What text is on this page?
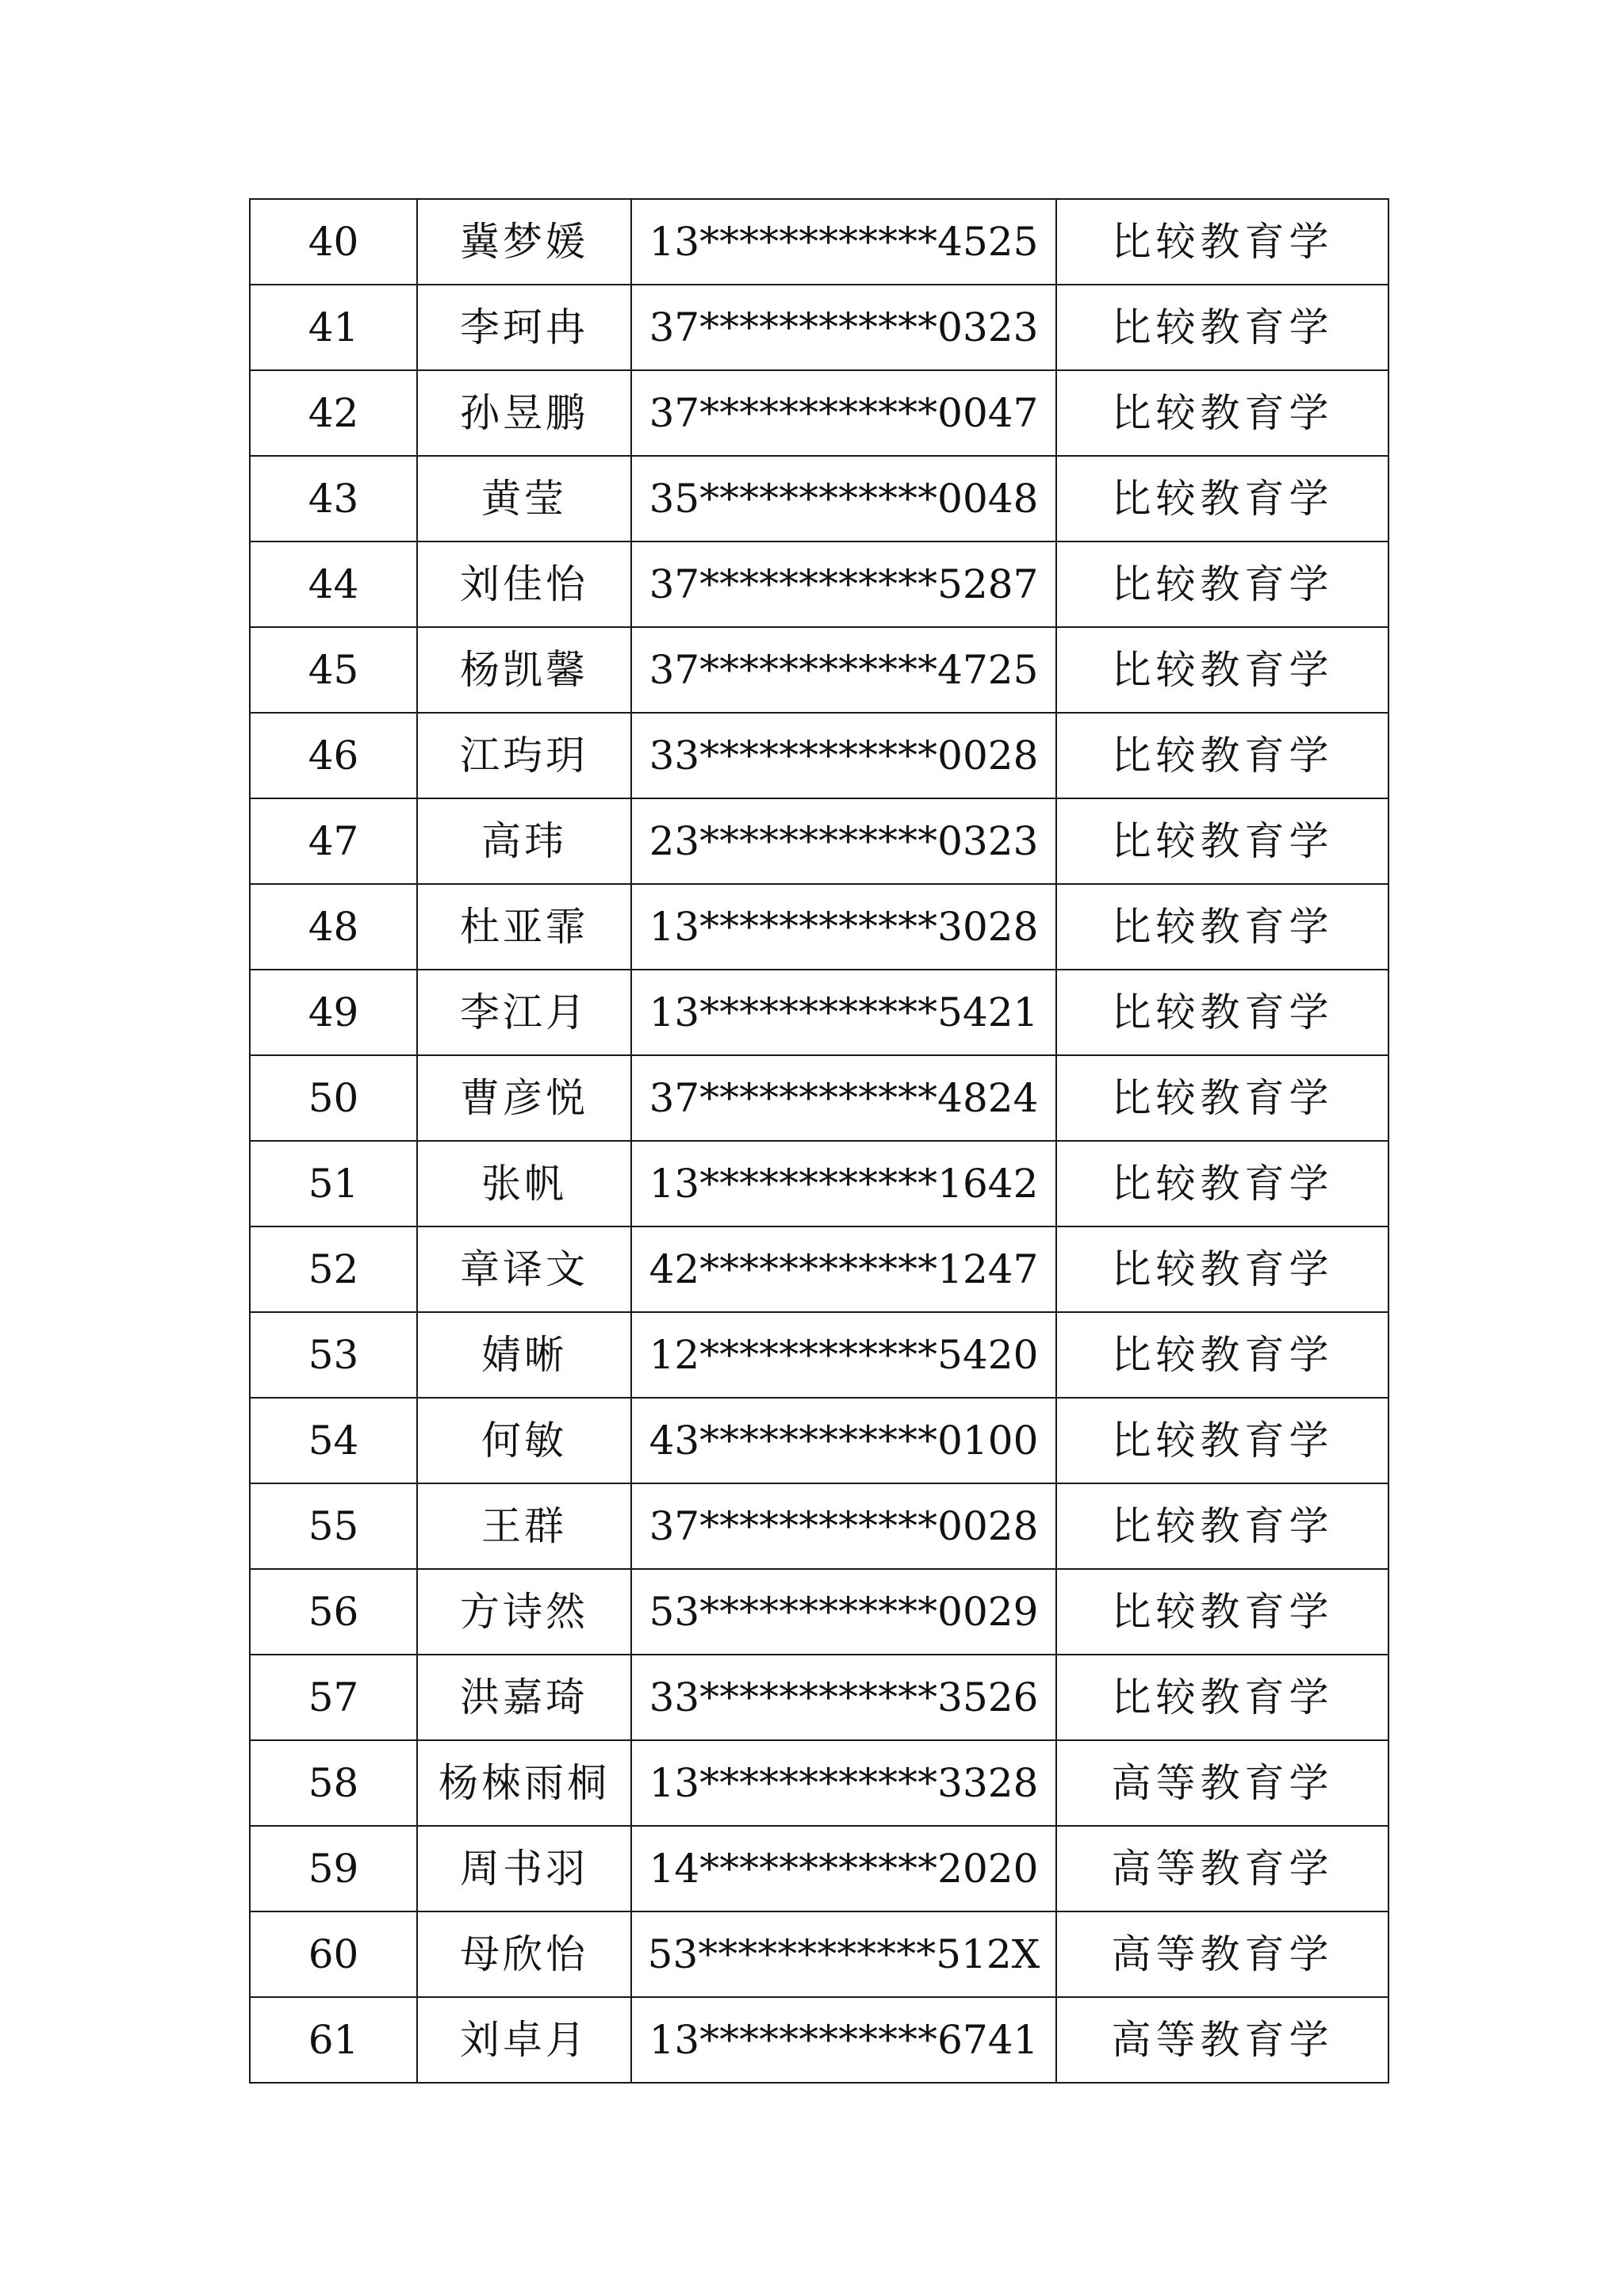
40	冀梦媛	13************4525	比较教育学
41	李珂冉	37************0323	比较教育学
42	孙昱鹏	37************0047	比较教育学
43	黄莹	35************0048	比较教育学
44	刘佳怡	37************5287	比较教育学
45	杨凯馨	37************4725	比较教育学
46	江玙玥	33************0028	比较教育学
47	高玮	23************0323	比较教育学
48	杜亚霏	13************3028	比较教育学
49	李江月	13************5421	比较教育学
50	曹彦悦	37************4824	比较教育学
51	张帆	13************1642	比较教育学
52	章译文	42************1247	比较教育学
53	婧晰	12************5420	比较教育学
54	何敏	43************0100	比较教育学
55	王群	37************0028	比较教育学
56	方诗然	53************0029	比较教育学
57	洪嘉琦	33************3526	比较教育学
58	杨棶雨桐	13************3328	高等教育学
59	周书羽	14************2020	高等教育学
60	母欣怡	53************512X	高等教育学
61	刘卓月	13************6741	高等教育学
